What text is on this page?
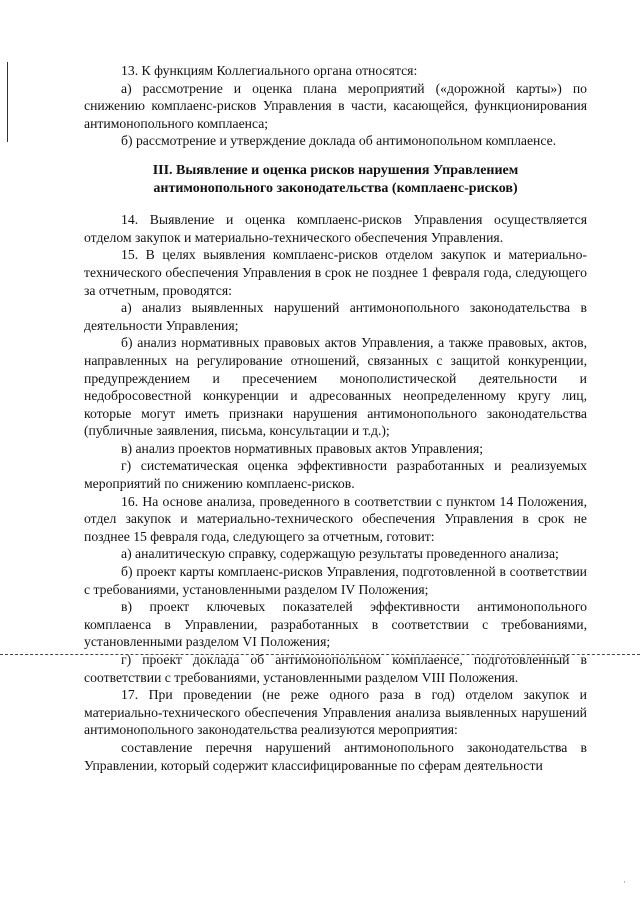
13. К функциям Коллегиального органа относятся:

а) рассмотрение и оценка плана мероприятий («дорожной карты») по снижению комплаенс-рисков Управления в части, касающейся, функционирования антимонопольного комплаенса;

б) рассмотрение и утверждение доклада об антимонопольном комплаенсе.

III. Выявление и оценка рисков нарушения Управлением
антимонопольного законодательства (комплаенс-рисков)

14. Выявление и оценка комплаенс-рисков Управления осуществляется отделом закупок и материально-технического обеспечения Управления.

15. В целях выявления комплаенс-рисков отделом закупок и материально-технического обеспечения Управления в срок не позднее 1 февраля года, следующего за отчетным, проводятся:

а) анализ выявленных нарушений антимонопольного законодательства в деятельности Управления;

б) анализ нормативных правовых актов Управления, а также правовых, актов, направленных на регулирование отношений, связанных с защитой конкуренции, предупреждением и пресечением монополистической деятельности и недобросовестной конкуренции и адресованных неопределенному кругу лиц, которые могут иметь признаки нарушения антимонопольного законодательства (публичные заявления, письма, консультации и т.д.);

в) анализ проектов нормативных правовых актов Управления;

г) систематическая оценка эффективности разработанных и реализуемых мероприятий по снижению комплаенс-рисков.

16. На основе анализа, проведенного в соответствии с пунктом 14 Положения, отдел закупок и материально-технического обеспечения Управления в срок не позднее 15 февраля года, следующего за отчетным, готовит:

а) аналитическую справку, содержащую результаты проведенного анализа;

б) проект карты комплаенс-рисков Управления, подготовленной в соответствии с требованиями, установленными разделом IV Положения;

в) проект ключевых показателей эффективности антимонопольного комплаенса в Управлении, разработанных в соответствии с требованиями, установленными разделом VI Положения;

г) проект доклада об антимонопольном комплаенсе, подготовленный в соответствии с требованиями, установленными разделом VIII Положения.

17. При проведении (не реже одного раза в год) отделом закупок и материально-технического обеспечения Управления анализа выявленных нарушений антимонопольного законодательства реализуются мероприятия:

составление перечня нарушений антимонопольного законодательства в Управлении, который содержит классифицированные по сферам деятельности

·
